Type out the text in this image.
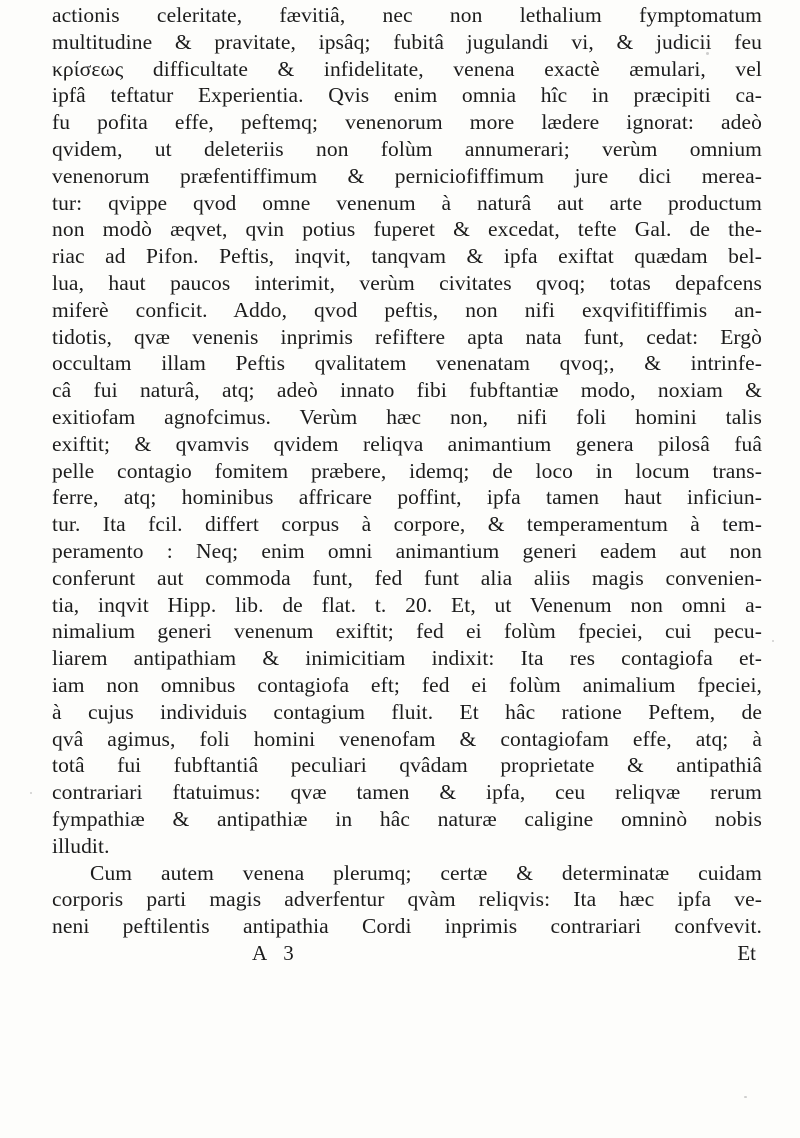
actionis celeritate, fævitiâ, nec non lethalium fymptomatum
multitudine & pravitate, ipsâq; fubitâ jugulandi vi, & judicii feu
κρίσεως difficultate & infidelitate, venena exactè æmulari, vel
ipfâ teftatur Experientia. Qvis enim omnia hîc in præcipiti ca-
fu pofita effe, peftemq; venenorum more lædere ignorat: adeò
qvidem, ut deleteriis non folùm annumerari; verùm omnium
venenorum præfentiffimum & perniciofiffimum jure dici merea-
tur: qvippe qvod omne venenum à naturâ aut arte productum
non modò æqvet, qvin potius fuperet & excedat, tefte Gal. de the-
riac ad Pifon. Peftis, inqvit, tanqvam & ipfa exiftat quædam bel-
lua, haut paucos interimit, verùm civitates qvoq; totas depafcens
miferè conficit. Addo, qvod peftis, non nifi exqvifitiffimis an-
tidotis, qvæ venenis inprimis refiftere apta nata funt, cedat: Ergò
occultam illam Peftis qvalitatem venenatam qvoq;, & intrinfe-
câ fui naturâ, atq; adeò innato fibi fubftantiæ modo, noxiam &
exitiofam agnofcimus. Verùm hæc non, nifi foli homini talis
exiftit; & qvamvis qvidem reliqva animantium genera pilosâ fuâ
pelle contagio fomitem præbere, idemq; de loco in locum trans-
ferre, atq; hominibus affricare poffint, ipfa tamen haut inficiun-
tur. Ita fcil. differt corpus à corpore, & temperamentum à tem-
peramento : Neq; enim omni animantium generi eadem aut non
conferunt aut commoda funt, fed funt alia aliis magis convenien-
tia, inqvit Hipp. lib. de flat. t. 20. Et, ut Venenum non omni a-
nimalium generi venenum exiftit; fed ei folùm fpeciei, cui pecu-
liarem antipathiam & inimicitiam indixit: Ita res contagiofa et-
iam non omnibus contagiofa eft; fed ei folùm animalium fpeciei,
à cujus individuis contagium fluit. Et hâc ratione Peftem, de
qvâ agimus, foli homini venenofam & contagiofam effe, atq; à
totâ fui fubftantiâ peculiari qvâdam proprietate & antipathiâ
contrariari ftatuimus: qvæ tamen & ipfa, ceu reliqvæ rerum
fympathiæ & antipathiæ in hâc naturæ caligine omninò nobis
illudit.
Cum autem venena plerumq; certæ & determinatæ cuidam
corporis parti magis adverfentur qvàm reliqvis: Ita hæc ipfa ve-
neni peftilentis antipathia Cordi inprimis contrariari confvevit.
A 3	Et
